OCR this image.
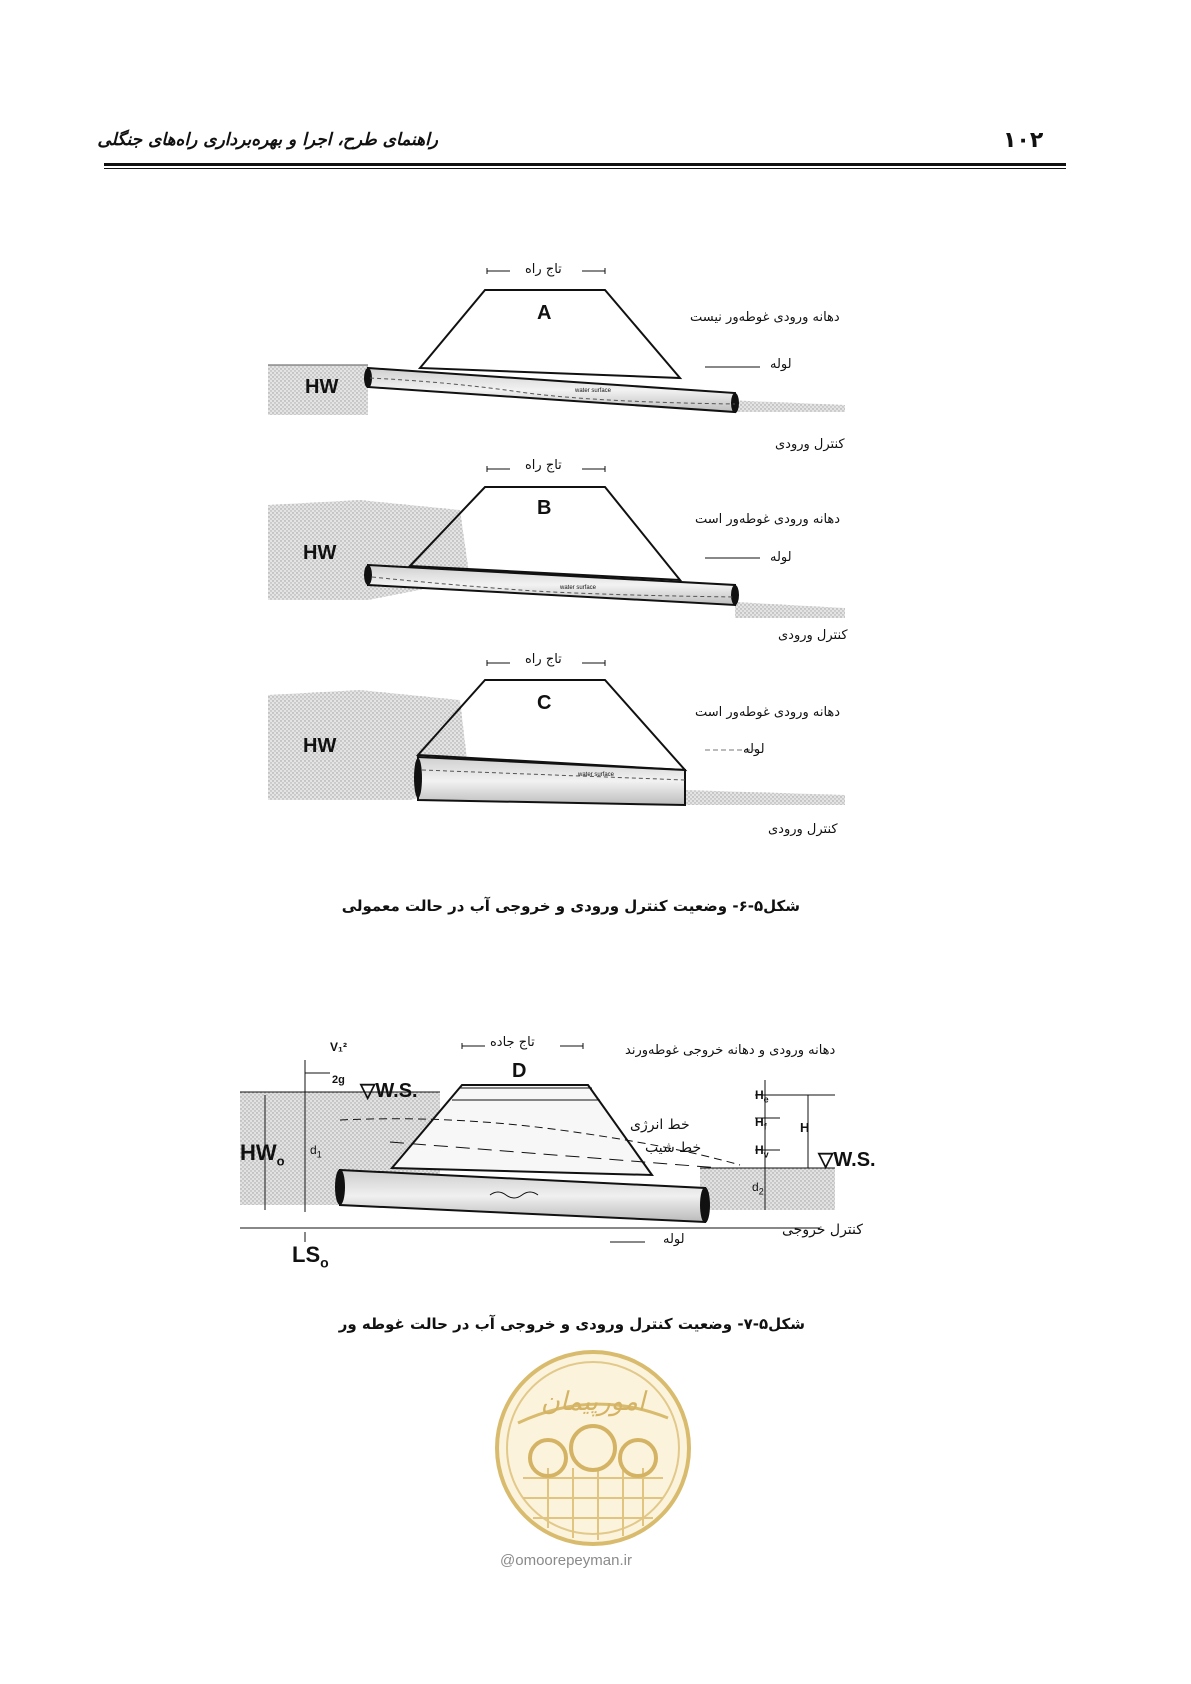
۱۰۲
راهنمای طرح، اجرا و بهره‌برداری راه‌های جنگلی
تاج راه
A	دهانه ورودی غوطه‌ور نیست
لوله
HW	water surface
کنترل ورودی
تاج راه
B
دهانه ورودی غوطه‌ور است
لوله
HW
water surface
کنترل ورودی
تاج راه
C	دهانه ورودی غوطه‌ور است
لوله
HW
water surface
کنترل ورودی
شکل۵-۶- وضعیت کنترل ورودی و خروجی آب در حالت معمولی
تاج جاده
D
دهانه ورودی و دهانه خروجی غوطه‌ورند
V₁²
2g ▽W.S.
▽W.S.
$HW_o$
$d_1$
$d_2$
$H_e$
$H_f$
$H_v$
H
خط انرژی
خط شیب
لوله
کنترل خروجی
$LS_o$
شکل۵-۷- وضعیت کنترل ورودی و خروجی آب در حالت غوطه ور
امورپیمان
@omoorepeyman.ir
